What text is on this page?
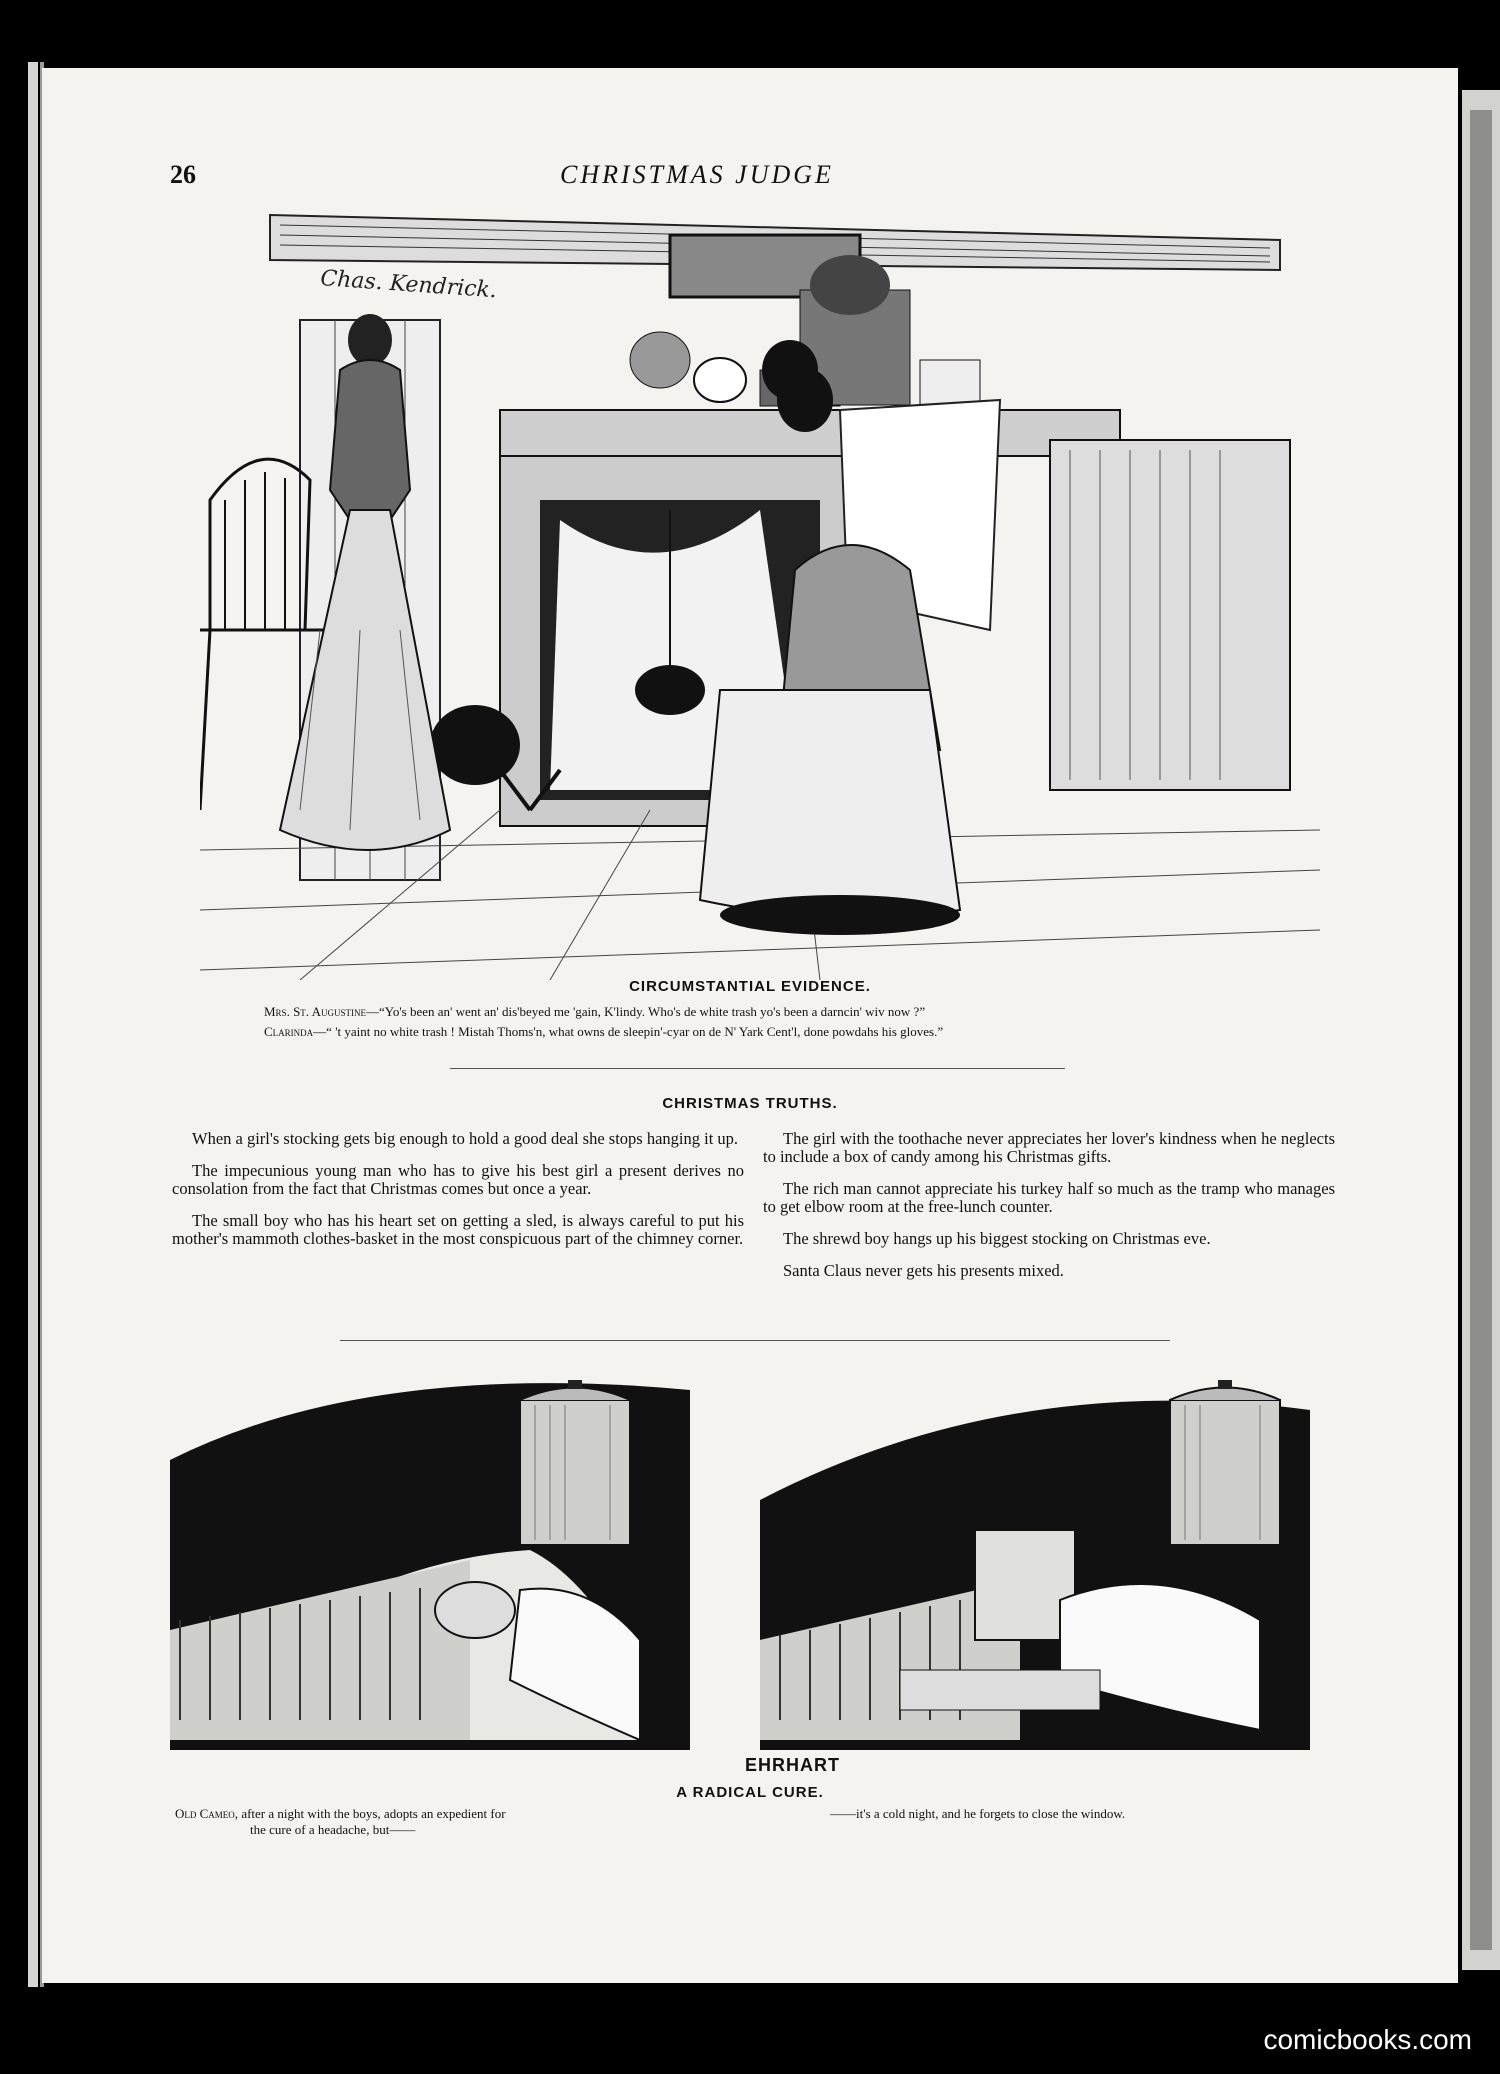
26	CHRISTMAS JUDGE
Chas. Kendrick.
CIRCUMSTANTIAL EVIDENCE.
Mrs. St. Augustine—“Yo's been an' went an' dis'beyed me 'gain, K'lindy. Who's de white trash yo's been a darncin' wiv now ?”
Clarinda—“ 't yaint no white trash ! Mistah Thoms'n, what owns de sleepin'-cyar on de N' Yark Cent'l, done powdahs his gloves.”
CHRISTMAS TRUTHS.

When a girl's stocking gets big enough to hold a good deal she stops hanging it up.

The impecunious young man who has to give his best girl a present derives no consolation from the fact that Christmas comes but once a year.

The small boy who has his heart set on getting a sled, is always careful to put his mother's mammoth clothes-basket in the most conspicuous part of the chimney corner.

The girl with the toothache never appreciates her lover's kindness when he neglects to include a box of candy among his Christmas gifts.

The rich man cannot appreciate his turkey half so much as the tramp who manages to get elbow room at the free-lunch counter.

The shrewd boy hangs up his biggest stocking on Christmas eve.

Santa Claus never gets his presents mixed.

EHRHART
A RADICAL CURE.
Old Cameo, after a night with the boys, adopts an expedient for
the cure of a headache, but——
——it's a cold night, and he forgets to close the window.
comicbooks.com
